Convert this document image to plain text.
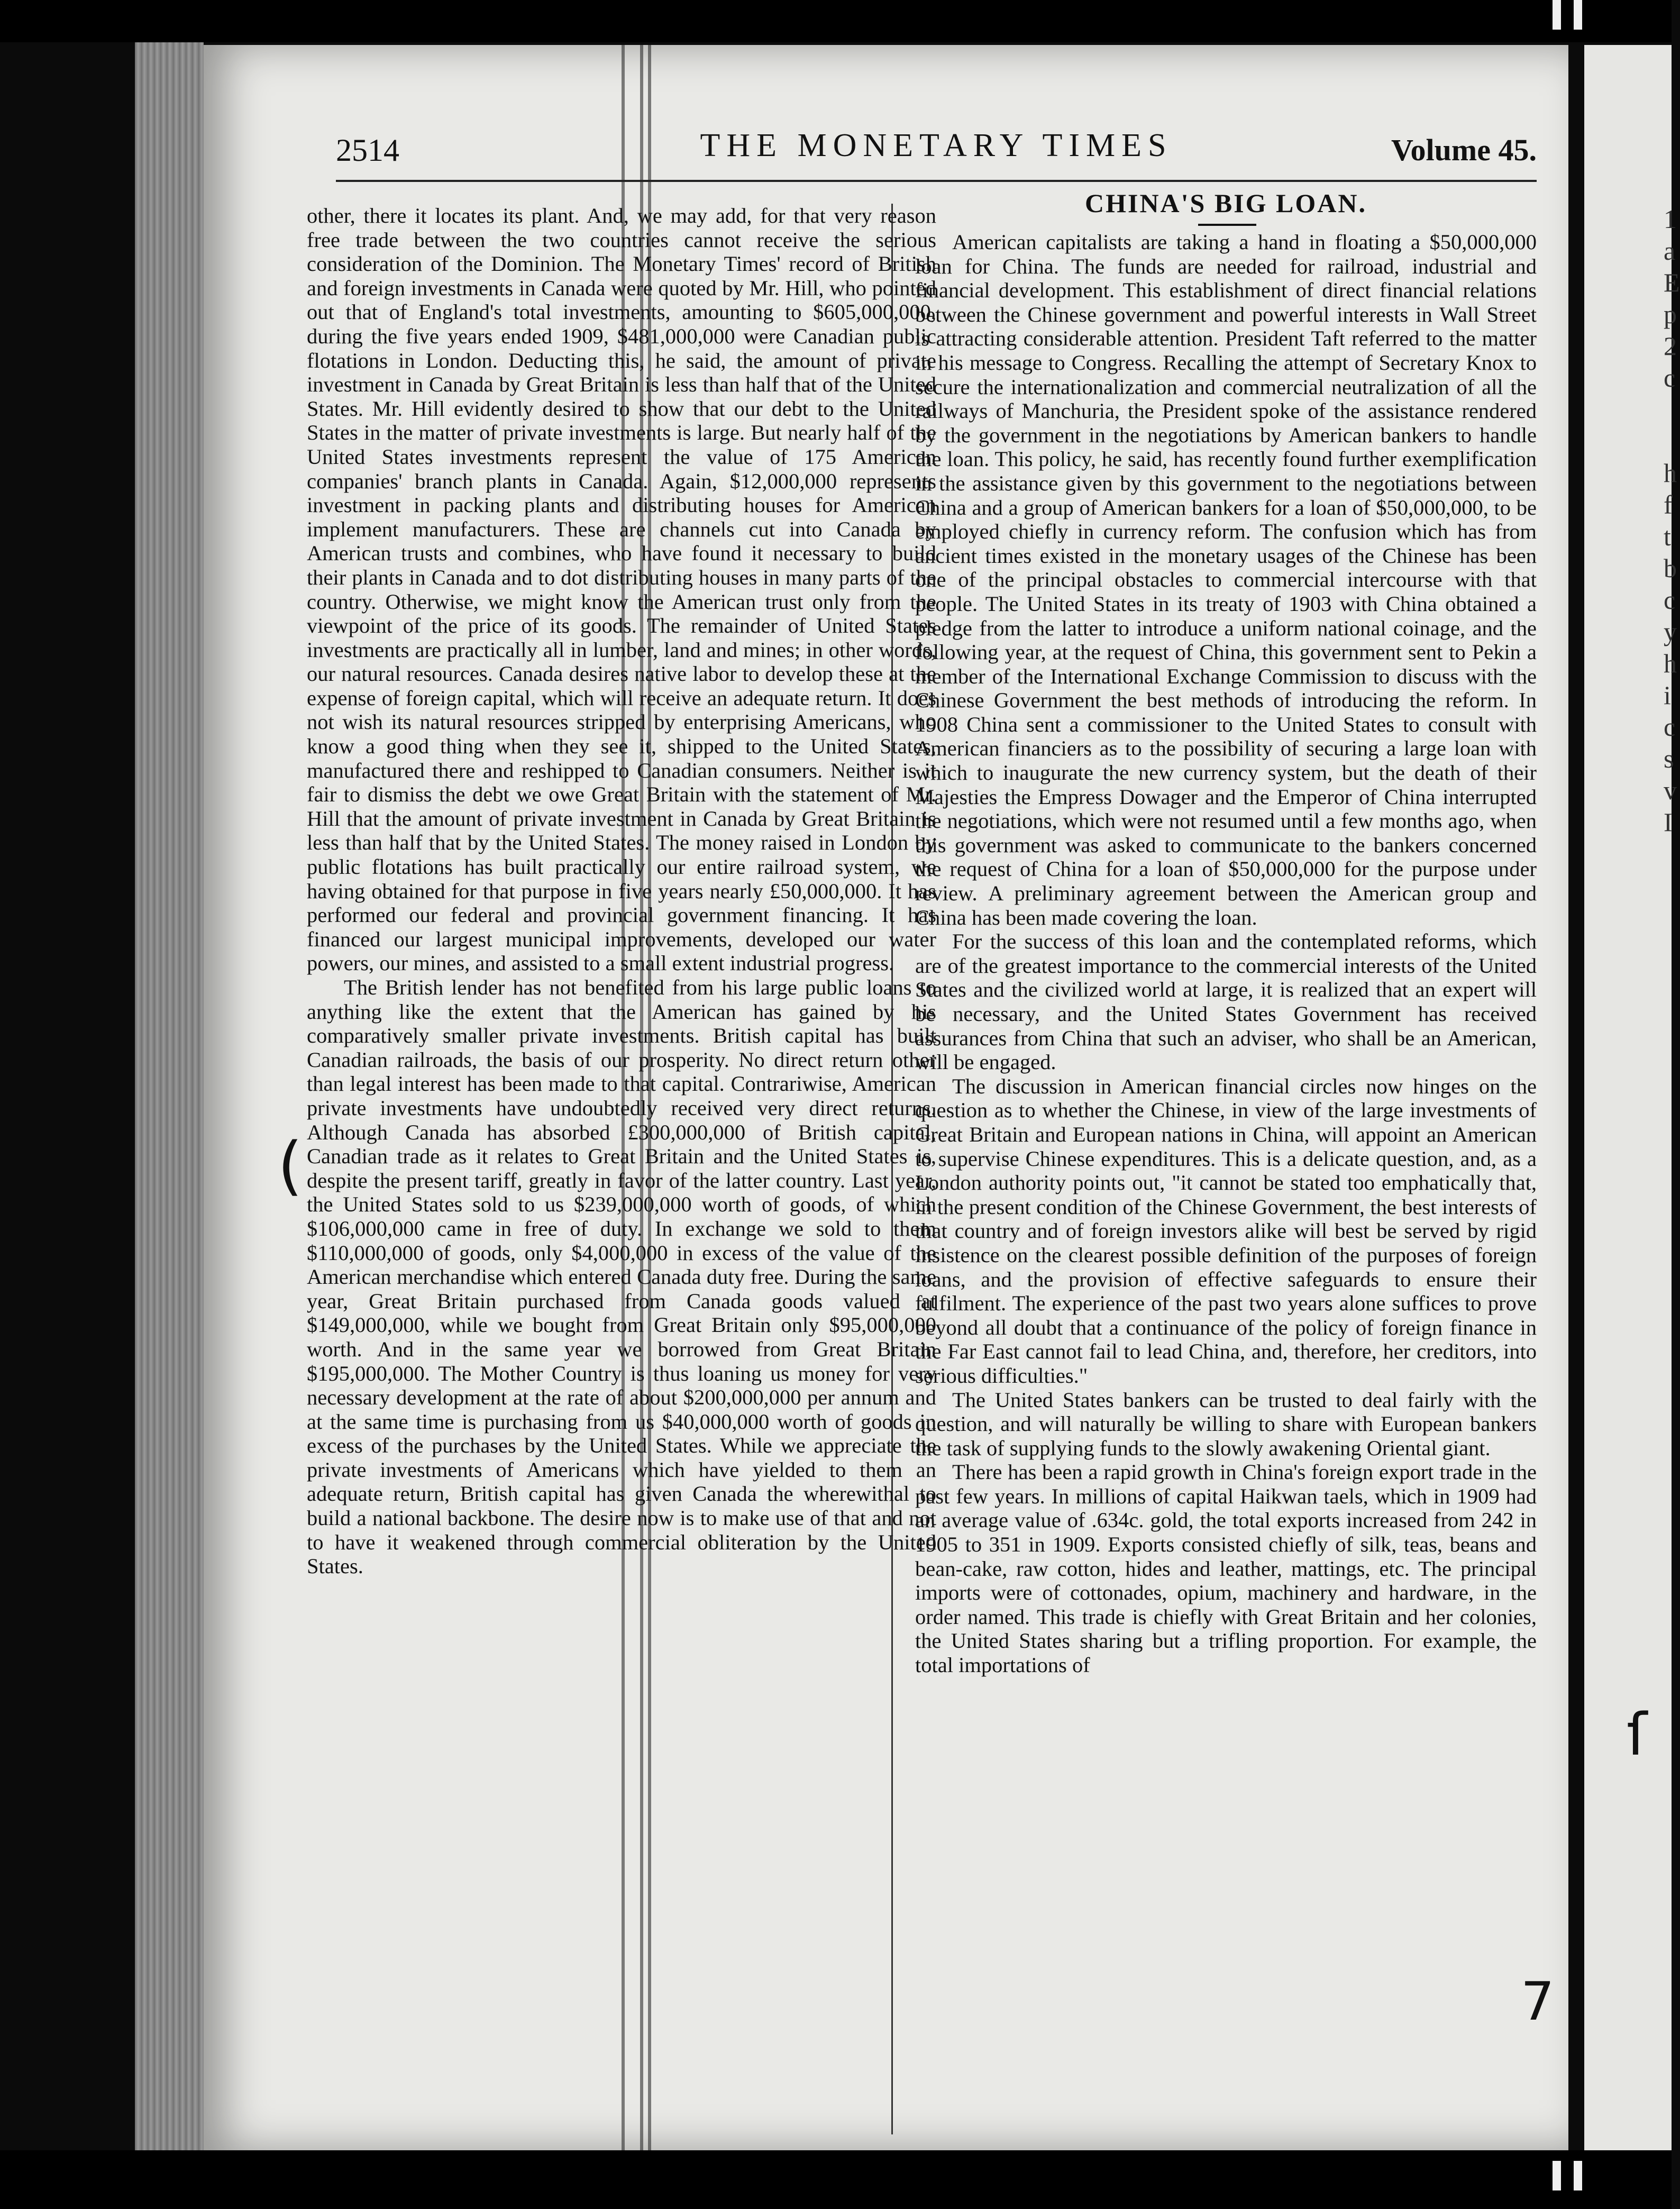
2514	THE MONETARY TIMES	Volume 45.

other, there it locates its plant. And, we may add, for that very reason free trade between the two countries cannot receive the serious consideration of the Dominion. The Monetary Times' record of British and foreign investments in Canada were quoted by Mr. Hill, who pointed out that of England's total investments, amounting to $605,000,000, during the five years ended 1909, $481,000,000 were Canadian public flotations in London. Deducting this, he said, the amount of private investment in Canada by Great Britain is less than half that of the United States. Mr. Hill evidently desired to show that our debt to the United States in the matter of private investments is large. But nearly half of the United States investments represent the value of 175 American companies' branch plants in Canada. Again, $12,000,000 represents investment in packing plants and distributing houses for American implement manufacturers. These are channels cut into Canada by American trusts and combines, who have found it necessary to build their plants in Canada and to dot distributing houses in many parts of the country. Otherwise, we might know the American trust only from the viewpoint of the price of its goods. The remainder of United States investments are practically all in lumber, land and mines; in other words, our natural resources. Canada desires native labor to develop these at the expense of foreign capital, which will receive an adequate return. It does not wish its natural resources stripped by enterprising Americans, who know a good thing when they see it, shipped to the United States, manufactured there and reshipped to Canadian consumers. Neither is it fair to dismiss the debt we owe Great Britain with the statement of Mr. Hill that the amount of private investment in Canada by Great Britain is less than half that by the United States. The money raised in London by public flotations has built practically our entire railroad system, we having obtained for that purpose in five years nearly £50,000,000. It has performed our federal and provincial government financing. It has financed our largest municipal improvements, developed our water powers, our mines, and assisted to a small extent industrial progress.

The British lender has not benefited from his large public loans to anything like the extent that the American has gained by his comparatively smaller private investments. British capital has built Canadian railroads, the basis of our prosperity. No direct return other than legal interest has been made to that capital. Contrariwise, American private investments have undoubtedly received very direct returns. Although Canada has absorbed £300,000,000 of British capital, Canadian trade as it relates to Great Britain and the United States is, despite the present tariff, greatly in favor of the latter country. Last year, the United States sold to us $239,000,000 worth of goods, of which $106,000,000 came in free of duty. In exchange we sold to them $110,000,000 of goods, only $4,000,000 in excess of the value of the American merchandise which entered Canada duty free. During the same year, Great Britain purchased from Canada goods valued at $149,000,000, while we bought from Great Britain only $95,000,000 worth. And in the same year we borrowed from Great Britain $195,000,000. The Mother Country is thus loaning us money for very necessary development at the rate of about $200,000,000 per annum and at the same time is purchasing from us $40,000,000 worth of goods in excess of the purchases by the United States. While we appreciate the private investments of Americans which have yielded to them an adequate return, British capital has given Canada the wherewithal to build a national backbone. The desire now is to make use of that and not to have it weakened through commercial obliteration by the United States.

CHINA'S BIG LOAN.

American capitalists are taking a hand in floating a $50,000,000 loan for China. The funds are needed for railroad, industrial and financial development. This establishment of direct financial relations between the Chinese government and powerful interests in Wall Street is attracting considerable attention. President Taft referred to the matter in his message to Congress. Recalling the attempt of Secretary Knox to secure the internationalization and commercial neutralization of all the railways of Manchuria, the President spoke of the assistance rendered by the government in the negotiations by American bankers to handle the loan. This policy, he said, has recently found further exemplification in the assistance given by this government to the negotiations between China and a group of American bankers for a loan of $50,000,000, to be employed chiefly in currency reform. The confusion which has from ancient times existed in the monetary usages of the Chinese has been one of the principal obstacles to commercial intercourse with that people. The United States in its treaty of 1903 with China obtained a pledge from the latter to introduce a uniform national coinage, and the following year, at the request of China, this government sent to Pekin a member of the International Exchange Commission to discuss with the Chinese Government the best methods of introducing the reform. In 1908 China sent a commissioner to the United States to consult with American financiers as to the possibility of securing a large loan with which to inaugurate the new currency system, but the death of their Majesties the Empress Dowager and the Emperor of China interrupted the negotiations, which were not resumed until a few months ago, when this government was asked to communicate to the bankers concerned the request of China for a loan of $50,000,000 for the purpose under review. A preliminary agreement between the American group and China has been made covering the loan.

For the success of this loan and the contemplated reforms, which are of the greatest importance to the commercial interests of the United States and the civilized world at large, it is realized that an expert will be necessary, and the United States Government has received assurances from China that such an adviser, who shall be an American, will be engaged.

The discussion in American financial circles now hinges on the question as to whether the Chinese, in view of the large investments of Great Britain and European nations in China, will appoint an American to supervise Chinese expenditures. This is a delicate question, and, as a London authority points out, "it cannot be stated too emphatically that, in the present condition of the Chinese Government, the best interests of that country and of foreign investors alike will best be served by rigid insistence on the clearest possible definition of the purposes of foreign loans, and the provision of effective safeguards to ensure their fulfilment. The experience of the past two years alone suffices to prove beyond all doubt that a continuance of the policy of foreign finance in the Far East cannot fail to lead China, and, therefore, her creditors, into serious difficulties."

The United States bankers can be trusted to deal fairly with the question, and will naturally be willing to share with European bankers the task of supplying funds to the slowly awakening Oriental giant.

There has been a rapid growth in China's foreign export trade in the past few years. In millions of capital Haikwan taels, which in 1909 had an average value of .634c. gold, the total exports increased from 242 in 1905 to 351 in 1909. Exports consisted chiefly of silk, teas, beans and bean-cake, raw cotton, hides and leather, mattings, etc. The principal imports were of cottonades, opium, machinery and hardware, in the order named. This trade is chiefly with Great Britain and her colonies, the United States sharing but a trifling proportion. For example, the total importations of

(
7
1
a
E
p
2
c
h
f
t
b
c
y
h
i
c
s
v
I
ſ
